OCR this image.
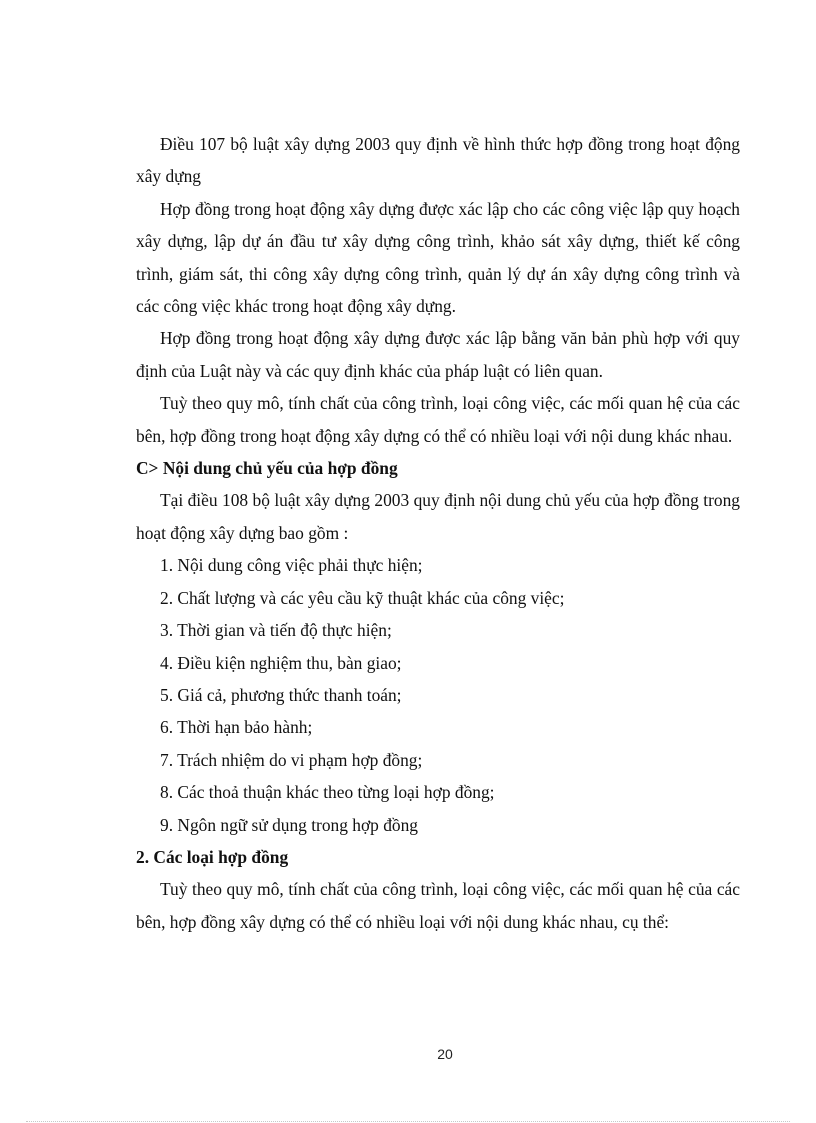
Điều 107 bộ luật xây dựng 2003 quy định về hình thức hợp đồng trong hoạt động xây dựng

Hợp đồng trong hoạt động xây dựng được xác lập cho các công việc lập quy hoạch xây dựng, lập dự án đầu tư xây dựng công trình, khảo sát xây dựng, thiết kế công trình, giám sát, thi công xây dựng công trình, quản lý dự án xây dựng công trình và các công việc khác trong hoạt động xây dựng.

Hợp đồng trong hoạt động xây dựng được xác lập bằng văn bản phù hợp với quy định của Luật này và các quy định khác của pháp luật có liên quan.

Tuỳ theo quy mô, tính chất của công trình, loại công việc, các mối quan hệ của các bên, hợp đồng trong hoạt động xây dựng có thể có nhiều loại với nội dung khác nhau.

C> Nội dung chủ yếu của hợp đồng

Tại điều 108 bộ luật xây dựng 2003 quy định nội dung chủ yếu của hợp đồng trong hoạt động xây dựng bao gồm :

1. Nội dung công việc phải thực hiện;
2. Chất lượng và các yêu cầu kỹ thuật khác của công việc;
3. Thời gian và tiến độ thực hiện;
4. Điều kiện nghiệm thu, bàn giao;
5. Giá cả, phương thức thanh toán;
6. Thời hạn bảo hành;
7. Trách nhiệm do vi phạm hợp đồng;
8. Các thoả thuận khác theo từng loại hợp đồng;
9. Ngôn ngữ sử dụng trong hợp đồng

2. Các loại hợp đồng

Tuỳ theo quy mô, tính chất của công trình, loại công việc, các mối quan hệ của các bên, hợp đồng xây dựng có thể có nhiều loại với nội dung khác nhau, cụ thể:

20
